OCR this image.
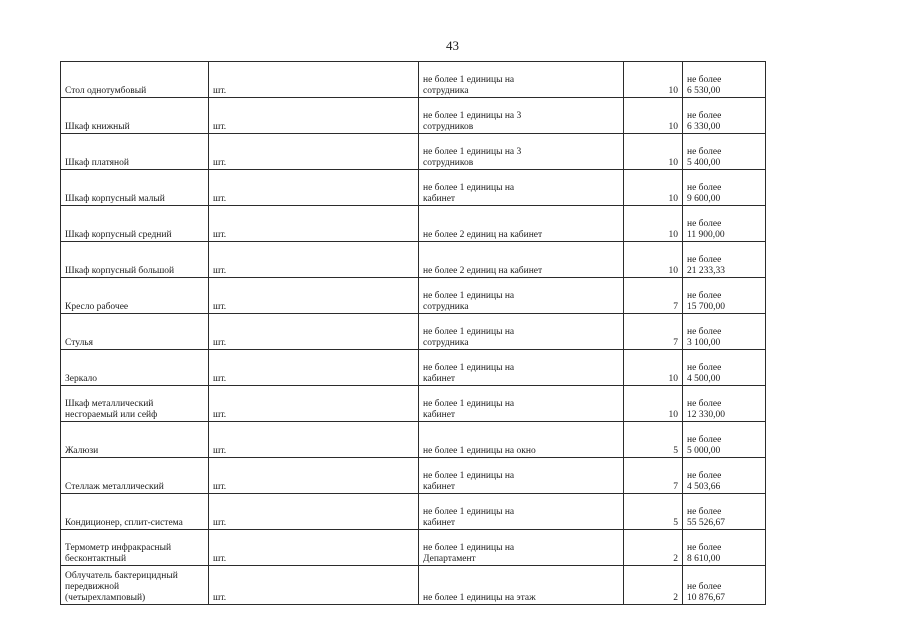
43
Стол однотумбовый	шт.	не более 1 единицы на
сотрудника	10	не более
6 530,00

Шкаф книжный	шт.	не более 1 единицы на 3
сотрудников	10	не более
6 330,00

Шкаф платяной	шт.	не более 1 единицы на 3
сотрудников	10	не более
5 400,00

Шкаф корпусный малый	шт.	не более 1 единицы на
кабинет	10	не более
9 600,00

Шкаф корпусный средний	шт.	не более 2 единиц на кабинет	10	не более
11 900,00

Шкаф корпусный большой	шт.	не более 2 единиц на кабинет	10	не более
21 233,33

Кресло рабочее	шт.	не более 1 единицы на
сотрудника	7	не более
15 700,00

Стулья	шт.	не более 1 единицы на
сотрудника	7	не более
3 100,00

Зеркало	шт.	не более 1 единицы на
кабинет	10	не более
4 500,00

Шкаф металлический
несгораемый или сейф	шт.	не более 1 единицы на
кабинет	10	не более
12 330,00

Жалюзи	шт.	не более 1 единицы на окно	5	не более
5 000,00

Стеллаж металлический	шт.	не более 1 единицы на
кабинет	7	не более
4 503,66

Кондиционер, сплит-система	шт.	не более 1 единицы на
кабинет	5	не более
55 526,67

Термометр инфракрасный
бесконтактный	шт.	не более 1 единицы на
Департамент	2	не более
8 610,00

Облучатель бактерицидный
передвижной
(четырехламповый)	шт.	не более 1 единицы на этаж	2	не более
10 876,67
